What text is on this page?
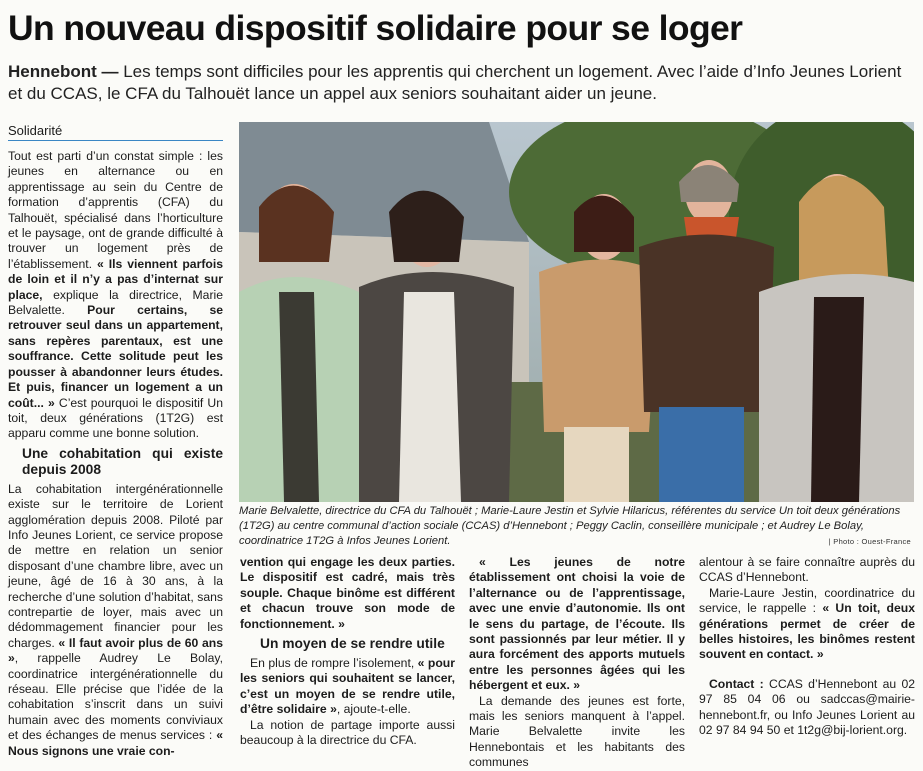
Un nouveau dispositif solidaire pour se loger
Hennebont — Les temps sont difficiles pour les apprentis qui cherchent un logement. Avec l’aide d’Info Jeunes Lorient et du CCAS, le CFA du Talhouët lance un appel aux seniors souhaitant aider un jeune.
Solidarité

Tout est parti d’un constat simple : les jeunes en alternance ou en apprentissage au sein du Centre de formation d’apprentis (CFA) du Talhouët, spécialisé dans l’horticulture et le paysage, ont de grande difficulté à trouver un logement près de l’établissement. « Ils viennent parfois de loin et il n’y a pas d’internat sur place, explique la directrice, Marie Belvalette. Pour certains, se retrouver seul dans un appartement, sans repères parentaux, est une souffrance. Cette solitude peut les pousser à abandonner leurs études. Et puis, financer un logement a un coût... » C’est pourquoi le dispositif Un toit, deux générations (1T2G) est apparu comme une bonne solution.

Une cohabitation qui existe depuis 2008

La cohabitation intergénérationnelle existe sur le territoire de Lorient agglomération depuis 2008. Piloté par Info Jeunes Lorient, ce service propose de mettre en relation un senior disposant d’une chambre libre, avec un jeune, âgé de 16 à 30 ans, à la recherche d’une solution d’habitat, sans contrepartie de loyer, mais avec un dédommagement financier pour les charges. « Il faut avoir plus de 60 ans », rappelle Audrey Le Bolay, coordinatrice intergénérationnelle du réseau. Elle précise que l’idée de la cohabitation s’inscrit dans un suivi humain avec des moments conviviaux et des échanges de menus services : « Nous signons une vraie con-

Marie Belvalette, directrice du CFA du Talhouët ; Marie-Laure Jestin et Sylvie Hilaricus, référentes du service Un toit deux générations (1T2G) au centre communal d’action sociale (CCAS) d’Hennebont ; Peggy Caclin, conseillère municipale ; et Audrey Le Bolay, coordinatrice 1T2G à Infos Jeunes Lorient.	| Photo : Ouest-France

vention qui engage les deux parties. Le dispositif est cadré, mais très souple. Chaque binôme est différent et chacun trouve son mode de fonctionnement. »

Un moyen de se rendre utile

En plus de rompre l’isolement, « pour les seniors qui souhaitent se lancer, c’est un moyen de se rendre utile, d’être solidaire », ajoute-t-elle.

La notion de partage importe aussi beaucoup à la directrice du CFA.

« Les jeunes de notre établissement ont choisi la voie de l’alternance ou de l’apprentissage, avec une envie d’autonomie. Ils ont le sens du partage, de l’écoute. Ils sont passionnés par leur métier. Il y aura forcément des apports mutuels entre les personnes âgées qui les hébergent et eux. »

La demande des jeunes est forte, mais les seniors manquent à l’appel. Marie Belvalette invite les Hennebontais et les habitants des communes

alentour à se faire connaître auprès du CCAS d’Hennebont.

Marie-Laure Jestin, coordinatrice du service, le rappelle : « Un toit, deux générations permet de créer de belles histoires, les binômes restent souvent en contact. »

Contact : CCAS d’Hennebont au 02 97 85 04 06 ou sadccas@mairie-hennebont.fr, ou Info Jeunes Lorient au 02 97 84 94 50 et 1t2g@bij-lorient.org.
